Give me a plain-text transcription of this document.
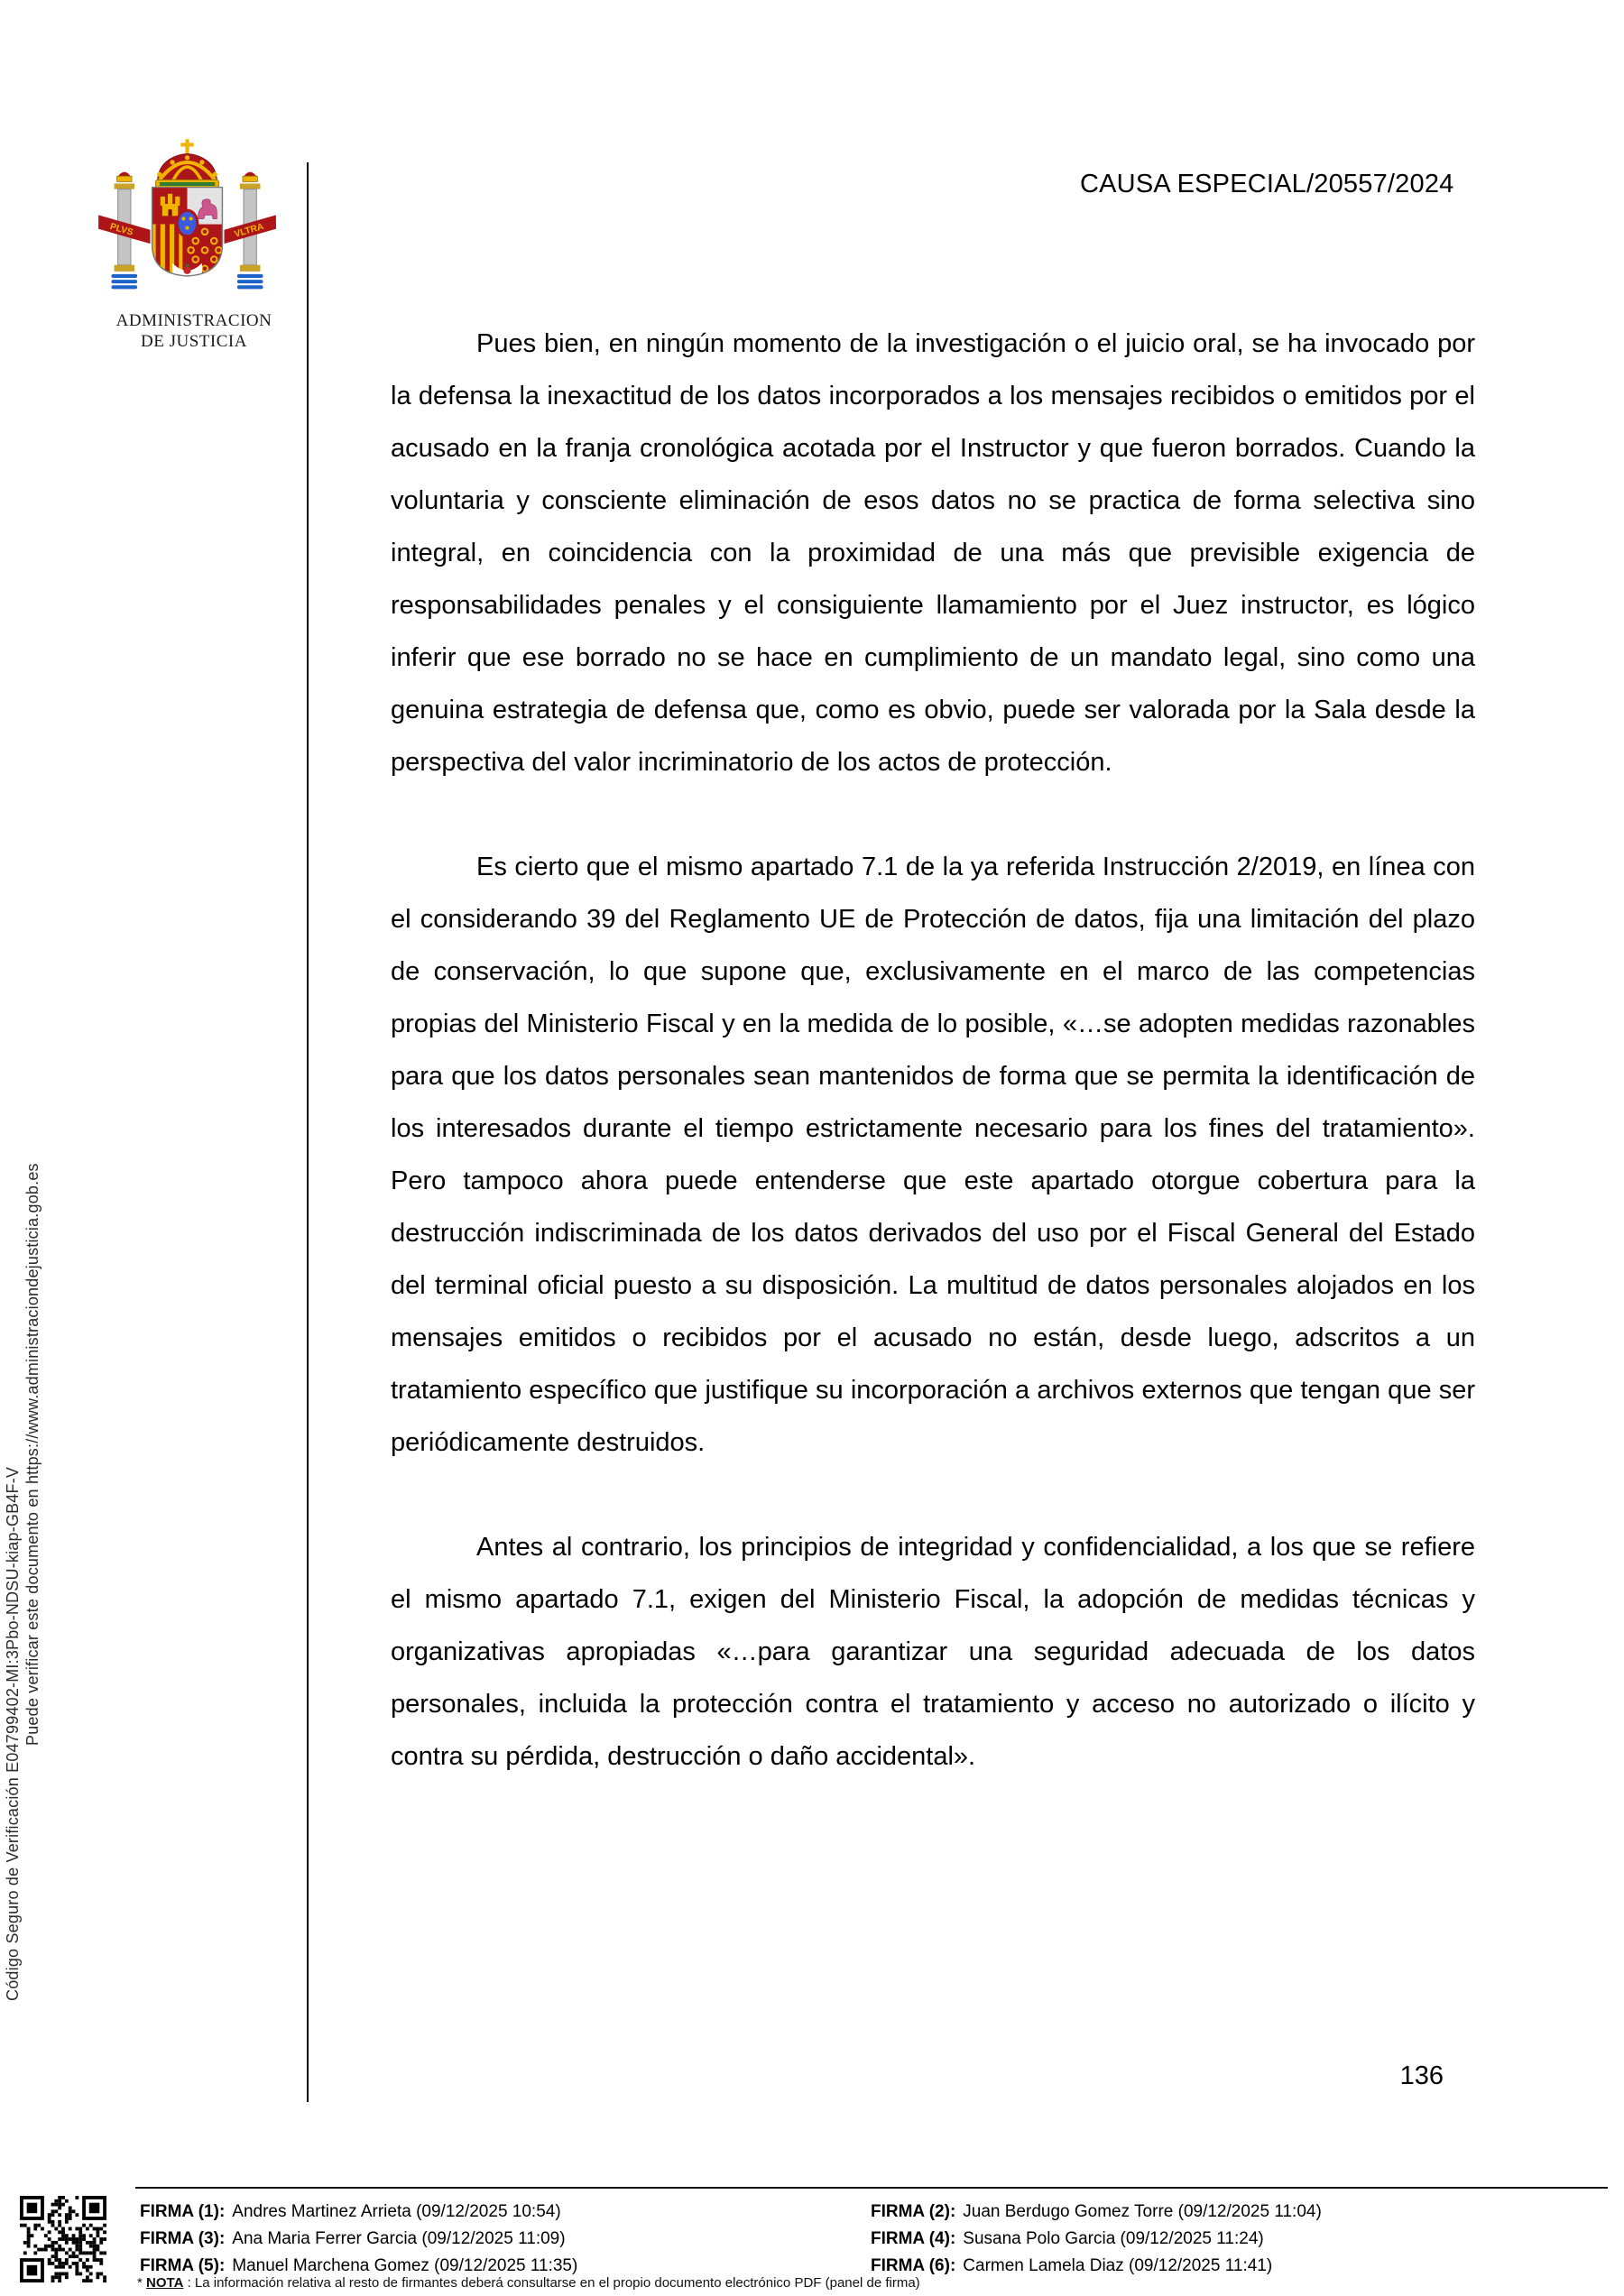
PLVS	VLTRA
ADMINISTRACION
DE JUSTICIA
CAUSA ESPECIAL/20557/2024

Pues bien, en ningún momento de la investigación o el juicio oral, se ha invocado por la defensa la inexactitud de los datos incorporados a los mensajes recibidos o emitidos por el acusado en la franja cronológica acotada por el Instructor y que fueron borrados. Cuando la voluntaria y consciente eliminación de esos datos no se practica de forma selectiva sino integral, en coincidencia con la proximidad de una más que previsible exigencia de responsabilidades penales y el consiguiente llamamiento por el Juez instructor, es lógico inferir que ese borrado no se hace en cumplimiento de un mandato legal, sino como una genuina estrategia de defensa que, como es obvio, puede ser valorada por la Sala desde la perspectiva del valor incriminatorio de los actos de protección.

Es cierto que el mismo apartado 7.1 de la ya referida Instrucción 2/2019, en línea con el considerando 39 del Reglamento UE de Protección de datos, fija una limitación del plazo de conservación, lo que supone que, exclusivamente en el marco de las competencias propias del Ministerio Fiscal y en la medida de lo posible, «…se adopten medidas razonables para que los datos personales sean mantenidos de forma que se permita la identificación de los interesados durante el tiempo estrictamente necesario para los fines del tratamiento». Pero tampoco ahora puede entenderse que este apartado otorgue cobertura para la destrucción indiscriminada de los datos derivados del uso por el Fiscal General del Estado del terminal oficial puesto a su disposición. La multitud de datos personales alojados en los mensajes emitidos o recibidos por el acusado no están, desde luego, adscritos a un tratamiento específico que justifique su incorporación a archivos externos que tengan que ser periódicamente destruidos.

Antes al contrario, los principios de integridad y confidencialidad, a los que se refiere el mismo apartado 7.1, exigen del Ministerio Fiscal, la adopción de medidas técnicas y organizativas apropiadas «…para garantizar una seguridad adecuada de los datos personales, incluida la protección contra el tratamiento y acceso no autorizado o ilícito y contra su pérdida, destrucción o daño accidental».

136
Código Seguro de Verificación E04799402-MI:3Pbo-NDSU-kiap-GB4F-V Puede verificar este documento en https://www.administraciondejusticia.gob.es
FIRMA (1): Andres Martinez Arrieta (09/12/2025 10:54)	FIRMA (2): Juan Berdugo Gomez Torre (09/12/2025 11:04)
FIRMA (3): Ana Maria Ferrer Garcia (09/12/2025 11:09)	FIRMA (4): Susana Polo Garcia (09/12/2025 11:24)
FIRMA (5): Manuel Marchena Gomez (09/12/2025 11:35)	FIRMA (6): Carmen Lamela Diaz (09/12/2025 11:41)
* NOTA : La información relativa al resto de firmantes deberá consultarse en el propio documento electrónico PDF (panel de firma)
